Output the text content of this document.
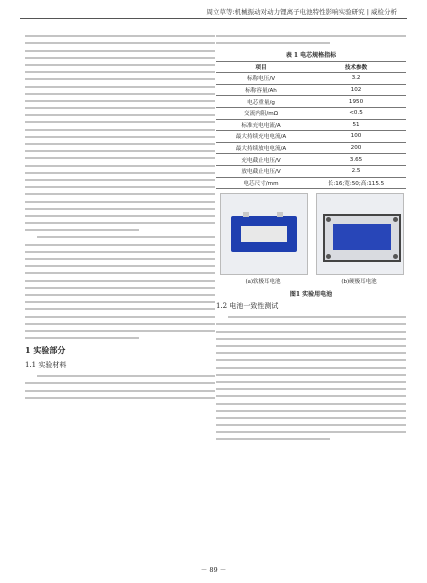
周立草等:机械振动对动力锂离子电池特性影响实验研究 | 威检分析
1 实验部分
1.1 实验材料
表 1 电芯规格指标
项目	技术参数
标称电压/V	3.2
标称容量/Ah	102
电芯重量/g	1950
交流内阻/mΩ	<0.5
标准充电电流/A	51
最大持续充电电流/A	100
最大持续放电电流/A	200
充电截止电压/V	3.65
放电截止电压/V	2.5
电芯尺寸/mm	长:16;宽:50;高:115.5
(a)软极耳电池	(b)硬极耳电池
图1 实验用电池
1.2 电池一致性测试
－ 89 －
